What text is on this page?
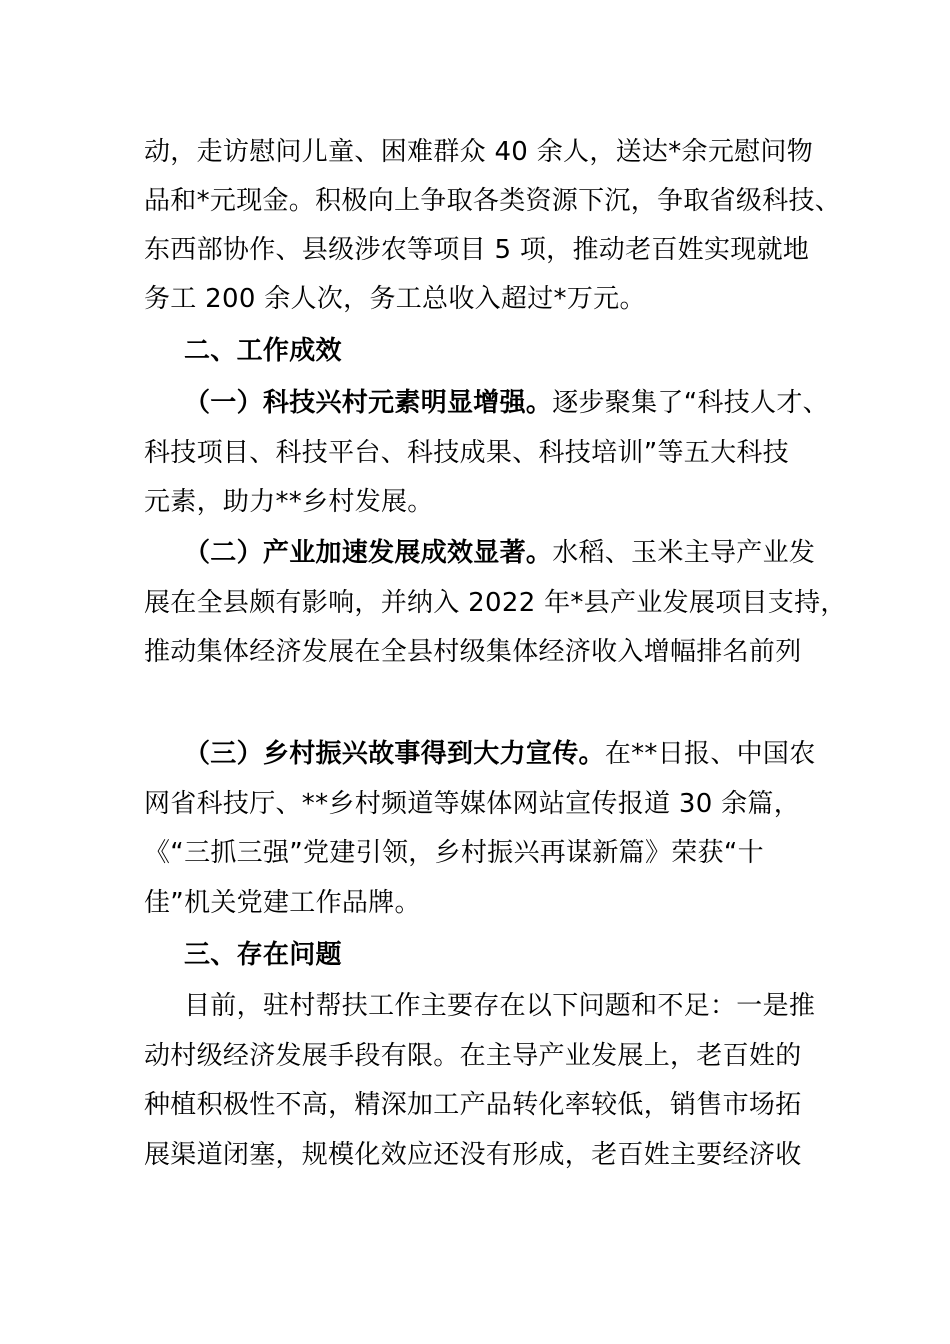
动，走访慰问儿童、困难群众 40 余人，送达*余元慰问物
品和*元现金。积极向上争取各类资源下沉，争取省级科技、
东西部协作、县级涉农等项目 5 项，推动老百姓实现就地
务工 200 余人次，务工总收入超过*万元。
二、工作成效
（一）科技兴村元素明显增强。逐步聚集了“科技人才、
科技项目、科技平台、科技成果、科技培训”等五大科技
元素，助力**乡村发展。
（二）产业加速发展成效显著。水稻、玉米主导产业发
展在全县颇有影响，并纳入 2022 年*县产业发展项目支持，
推动集体经济发展在全县村级集体经济收入增幅排名前列
（三）乡村振兴故事得到大力宣传。在**日报、中国农
网省科技厅、**乡村频道等媒体网站宣传报道 30 余篇，
《“三抓三强”党建引领，乡村振兴再谋新篇》荣获“十
佳”机关党建工作品牌。
三、存在问题
目前，驻村帮扶工作主要存在以下问题和不足：一是推
动村级经济发展手段有限。在主导产业发展上，老百姓的
种植积极性不高，精深加工产品转化率较低，销售市场拓
展渠道闭塞，规模化效应还没有形成，老百姓主要经济收
